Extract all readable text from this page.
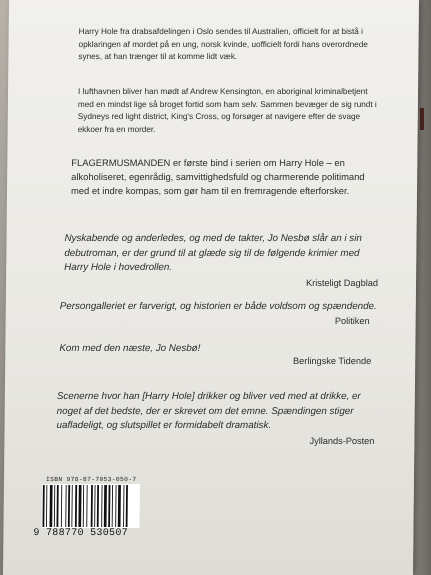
Harry Hole fra drabsafdelingen i Oslo sendes til Australien, officielt for at bistå i opklaringen af mordet på en ung, norsk kvinde, uofficielt fordi hans overordnede synes, at han trænger til at komme lidt væk.

I lufthavnen bliver han mødt af Andrew Kensington, en aboriginal kriminalbetjent med en mindst lige så broget fortid som ham selv. Sammen bevæger de sig rundt i Sydneys red light district, King's Cross, og forsøger at navigere efter de svage ekkoer fra en morder.

FLAGERMUSMANDEN er første bind i serien om Harry Hole – en alkoholiseret, egenrådig, samvittighedsfuld og charmerende politimand med et indre kompas, som gør ham til en fremragende efterforsker.

Nyskabende og anderledes, og med de takter, Jo Nesbø slår an i sin debutroman, er der grund til at glæde sig til de følgende krimier med Harry Hole i hovedrollen.

Kristeligt Dagblad

Persongalleriet er farverigt, og historien er både voldsom og spændende.

Politiken

Kom med den næste, Jo Nesbø!

Berlingske Tidende

Scenerne hvor han [Harry Hole] drikker og bliver ved med at drikke, er noget af det bedste, der er skrevet om det emne. Spændingen stiger uafladeligt, og slutspillet er formidabelt dramatisk.

Jyllands-Posten
ISBN 978-87-7053-050-7
9 788770 530507
